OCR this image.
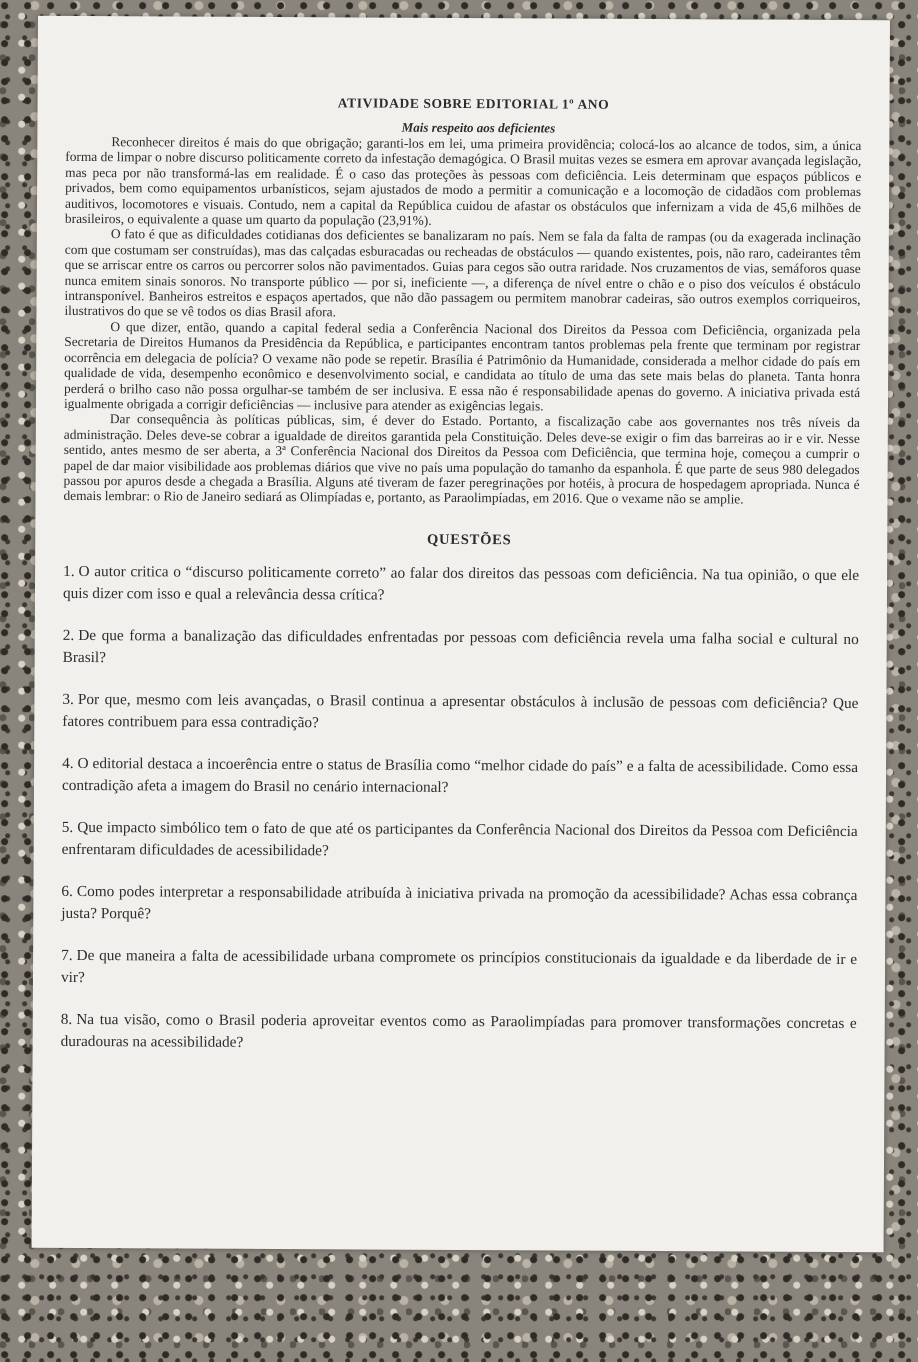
ATIVIDADE SOBRE EDITORIAL 1º ANO
Mais respeito aos deficientes

Reconhecer direitos é mais do que obrigação; garanti-los em lei, uma primeira providência; colocá-los ao alcance de todos, sim, a única forma de limpar o nobre discurso politicamente correto da infestação demagógica. O Brasil muitas vezes se esmera em aprovar avançada legislação, mas peca por não transformá-las em realidade. É o caso das proteções às pessoas com deficiência. Leis determinam que espaços públicos e privados, bem como equipamentos urbanísticos, sejam ajustados de modo a permitir a comunicação e a locomoção de cidadãos com problemas auditivos, locomotores e visuais. Contudo, nem a capital da República cuidou de afastar os obstáculos que infernizam a vida de 45,6 milhões de brasileiros, o equivalente a quase um quarto da população (23,91%).

O fato é que as dificuldades cotidianas dos deficientes se banalizaram no país. Nem se fala da falta de rampas (ou da exagerada inclinação com que costumam ser construídas), mas das calçadas esburacadas ou recheadas de obstáculos — quando existentes, pois, não raro, cadeirantes têm que se arriscar entre os carros ou percorrer solos não pavimentados. Guias para cegos são outra raridade. Nos cruzamentos de vias, semáforos quase nunca emitem sinais sonoros. No transporte público — por si, ineficiente —, a diferença de nível entre o chão e o piso dos veículos é obstáculo intransponível. Banheiros estreitos e espaços apertados, que não dão passagem ou permitem manobrar cadeiras, são outros exemplos corriqueiros, ilustrativos do que se vê todos os dias Brasil afora.

O que dizer, então, quando a capital federal sedia a Conferência Nacional dos Direitos da Pessoa com Deficiência, organizada pela Secretaria de Direitos Humanos da Presidência da República, e participantes encontram tantos problemas pela frente que terminam por registrar ocorrência em delegacia de polícia? O vexame não pode se repetir. Brasília é Patrimônio da Humanidade, considerada a melhor cidade do país em qualidade de vida, desempenho econômico e desenvolvimento social, e candidata ao título de uma das sete mais belas do planeta. Tanta honra perderá o brilho caso não possa orgulhar-se também de ser inclusiva. E essa não é responsabilidade apenas do governo. A iniciativa privada está igualmente obrigada a corrigir deficiências — inclusive para atender as exigências legais.

Dar consequência às políticas públicas, sim, é dever do Estado. Portanto, a fiscalização cabe aos governantes nos três níveis da administração. Deles deve-se cobrar a igualdade de direitos garantida pela Constituição. Deles deve-se exigir o fim das barreiras ao ir e vir. Nesse sentido, antes mesmo de ser aberta, a 3ª Conferência Nacional dos Direitos da Pessoa com Deficiência, que termina hoje, começou a cumprir o papel de dar maior visibilidade aos problemas diários que vive no país uma população do tamanho da espanhola. É que parte de seus 980 delegados passou por apuros desde a chegada a Brasília. Alguns até tiveram de fazer peregrinações por hotéis, à procura de hospedagem apropriada. Nunca é demais lembrar: o Rio de Janeiro sediará as Olimpíadas e, portanto, as Paraolimpíadas, em 2016. Que o vexame não se amplie.

QUESTÕES

1. O autor critica o “discurso politicamente correto” ao falar dos direitos das pessoas com deficiência. Na tua opinião, o que ele quis dizer com isso e qual a relevância dessa crítica?

2. De que forma a banalização das dificuldades enfrentadas por pessoas com deficiência revela uma falha social e cultural no Brasil?

3. Por que, mesmo com leis avançadas, o Brasil continua a apresentar obstáculos à inclusão de pessoas com deficiência? Que fatores contribuem para essa contradição?

4. O editorial destaca a incoerência entre o status de Brasília como “melhor cidade do país” e a falta de acessibilidade. Como essa contradição afeta a imagem do Brasil no cenário internacional?

5. Que impacto simbólico tem o fato de que até os participantes da Conferência Nacional dos Direitos da Pessoa com Deficiência enfrentaram dificuldades de acessibilidade?

6. Como podes interpretar a responsabilidade atribuída à iniciativa privada na promoção da acessibilidade? Achas essa cobrança justa? Porquê?

7. De que maneira a falta de acessibilidade urbana compromete os princípios constitucionais da igualdade e da liberdade de ir e vir?

8. Na tua visão, como o Brasil poderia aproveitar eventos como as Paraolimpíadas para promover transformações concretas e duradouras na acessibilidade?
